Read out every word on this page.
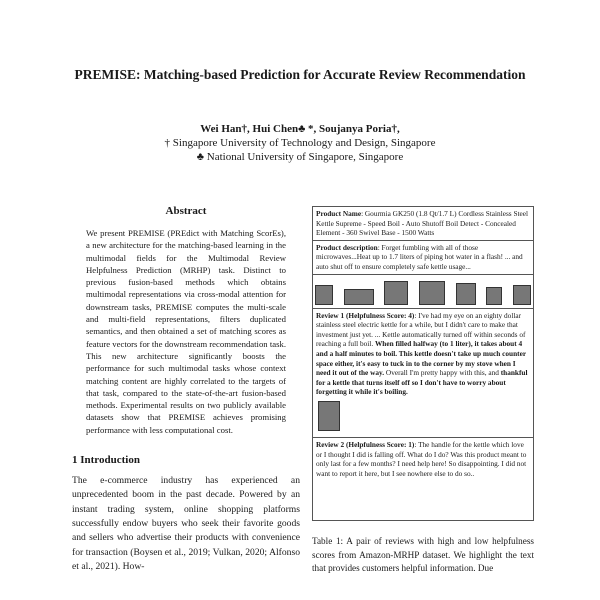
PREMISE: Matching-based Prediction for Accurate Review Recommendation
Wei Han†, Hui Chen♣ *, Soujanya Poria†,
† Singapore University of Technology and Design, Singapore
♣ National University of Singapore, Singapore
Abstract

We present PREMISE (PREdict with Matching ScorEs), a new architecture for the matching-based learning in the multimodal fields for the Multimodal Review Helpfulness Prediction (MRHP) task. Distinct to previous fusion-based methods which obtains multimodal representations via cross-modal attention for downstream tasks, PREMISE computes the multi-scale and multi-field representations, filters duplicated semantics, and then obtained a set of matching scores as feature vectors for the downstream recommendation task. This new architecture significantly boosts the performance for such multimodal tasks whose context matching content are highly correlated to the targets of that task, compared to the state-of-the-art fusion-based methods. Experimental results on two publicly available datasets show that PREMISE achieves promising performance with less computational cost.

1 Introduction

The e-commerce industry has experienced an unprecedented boom in the past decade. Powered by an instant trading system, online shopping platforms successfully endow buyers who seek their favorite goods and sellers who advertise their products with convenience for transaction (Boysen et al., 2019; Vulkan, 2020; Alfonso et al., 2021). How-

Product Name: Gourmia GK250 (1.8 Qt/1.7 L) Cordless Stainless Steel Kettle Supreme - Speed Boil - Auto Shutoff Boil Detect - Concealed Element - 360 Swivel Base - 1500 Watts
Product description: Forget fumbling with all of those microwaves...Heat up to 1.7 liters of piping hot water in a flash! ... and auto shut off to ensure completely safe kettle usage...
Review 1 (Helpfulness Score: 4): I've had my eye on an eighty dollar stainless steel electric kettle for a while, but I didn't care to make that investment just yet. ... Kettle automatically turned off within seconds of reaching a full boil. When filled halfway (to 1 liter), it takes about 4 and a half minutes to boil. This kettle doesn't take up much counter space either, it's easy to tuck in to the corner by my stove when I need it out of the way. Overall I'm pretty happy with this, and thankful for a kettle that turns itself off so I don't have to worry about forgetting it while it's boiling.
Review 2 (Helpfulness Score: 1): The handle for the kettle which love or I thought I did is falling off. What do I do? Was this product meant to only last for a few months? I need help here! So disappointing. I did not want to report it here, but I see nowhere else to do so..
Table 1: A pair of reviews with high and low helpfulness scores from Amazon-MRHP dataset. We highlight the text that provides customers helpful information. Due
